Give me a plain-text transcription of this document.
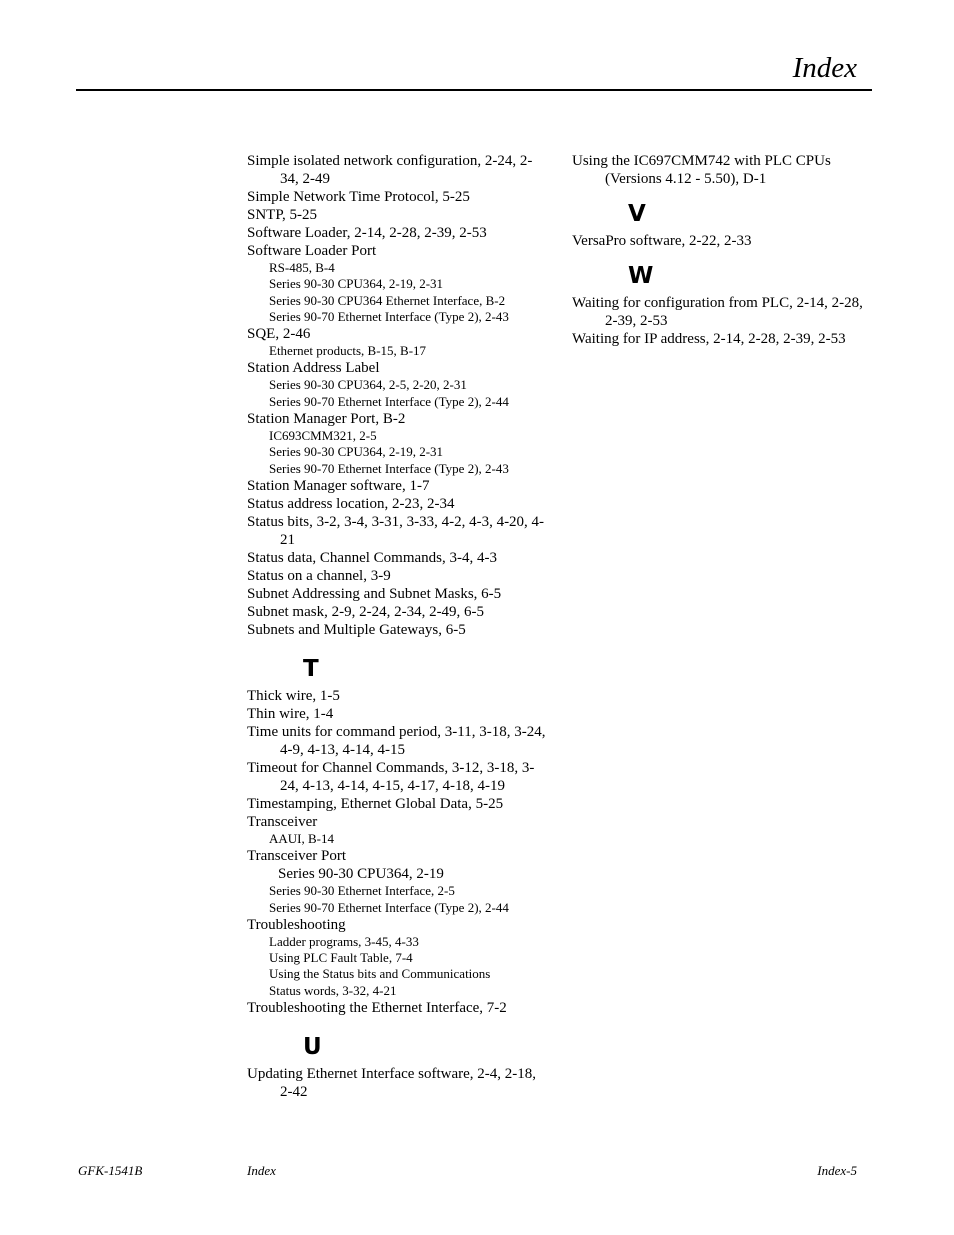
Index
Simple isolated network configuration, 2-24, 2-34, 2-49
Simple Network Time Protocol, 5-25
SNTP, 5-25
Software Loader, 2-14, 2-28, 2-39, 2-53
Software Loader Port
RS-485, B-4
Series 90-30 CPU364, 2-19, 2-31
Series 90-30 CPU364 Ethernet Interface, B-2
Series 90-70 Ethernet Interface (Type 2), 2-43
SQE, 2-46
Ethernet products, B-15, B-17
Station Address Label
Series 90-30 CPU364, 2-5, 2-20, 2-31
Series 90-70 Ethernet Interface (Type 2), 2-44
Station Manager Port, B-2
IC693CMM321, 2-5
Series 90-30 CPU364, 2-19, 2-31
Series 90-70 Ethernet Interface (Type 2), 2-43
Station Manager software, 1-7
Status address location, 2-23, 2-34
Status bits, 3-2, 3-4, 3-31, 3-33, 4-2, 4-3, 4-20, 4-21
Status data, Channel Commands, 3-4, 4-3
Status on a channel, 3-9
Subnet Addressing and Subnet Masks, 6-5
Subnet mask, 2-9, 2-24, 2-34, 2-49, 6-5
Subnets and Multiple Gateways, 6-5
T
Thick wire, 1-5
Thin wire, 1-4
Time units for command period, 3-11, 3-18, 3-24, 4-9, 4-13, 4-14, 4-15
Timeout for Channel Commands, 3-12, 3-18, 3-24, 4-13, 4-14, 4-15, 4-17, 4-18, 4-19
Timestamping, Ethernet Global Data, 5-25
Transceiver
AAUI, B-14
Transceiver Port
Series 90-30 CPU364, 2-19
Series 90-30 Ethernet Interface, 2-5
Series 90-70 Ethernet Interface (Type 2), 2-44
Troubleshooting
Ladder programs, 3-45, 4-33
Using PLC Fault Table, 7-4
Using the Status bits and Communications
Status words, 3-32, 4-21
Troubleshooting the Ethernet Interface, 7-2
U
Updating Ethernet Interface software, 2-4, 2-18, 2-42
Using the IC697CMM742 with PLC CPUs (Versions 4.12 - 5.50), D-1
V
VersaPro software, 2-22, 2-33
W
Waiting for configuration from PLC, 2-14, 2-28, 2-39, 2-53
Waiting for IP address, 2-14, 2-28, 2-39, 2-53
GFK-1541B	Index	Index-5
